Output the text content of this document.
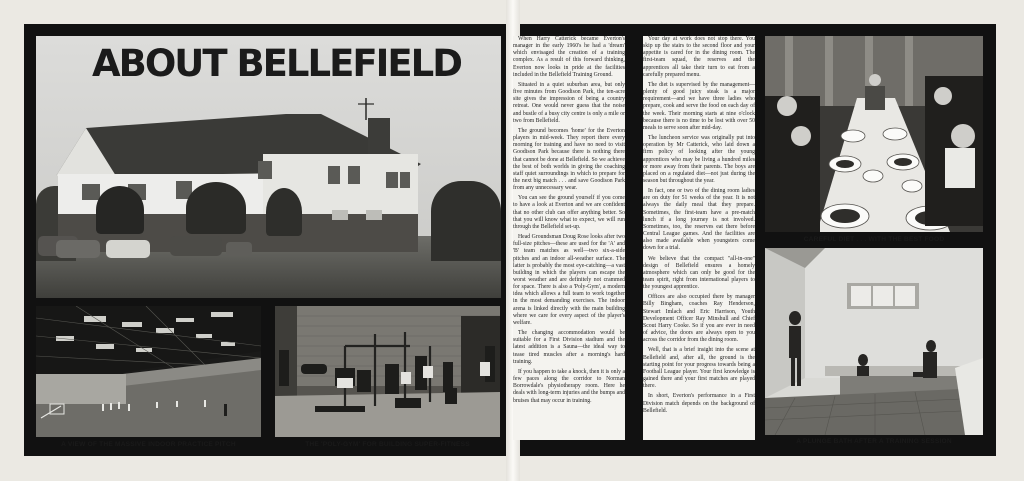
ABOUT BELLEFIELD
A VIEW OF THE MASSIVE INDOOR PRACTICE PITCH	THE 'POLY-GYM' FOR BUILDING SUPER-FITNESS

When Harry Catterick became Everton's manager in the early 1960's he had a 'dream' which envisaged the creation of a training complex. As a result of this forward thinking, Everton now looks in pride at the facilities included in the Bellefield Training Ground.

Situated in a quiet suburban area, but only five minutes from Goodison Park, the ten-acre site gives the impression of being a country retreat. One would never guess that the noise and bustle of a busy city centre is only a mile or two from Bellefield.

The ground becomes 'home' for the Everton players in mid-week. They report there every morning for training and have no need to visit Goodison Park because there is nothing there that cannot be done at Bellefield. So we achieve the best of both worlds in giving the coaching staff quiet surroundings in which to prepare for the next big match . . . and save Goodison Park from any unnecessary wear.

You can see the ground yourself if you come to have a look at Everton and we are confident that no other club can offer anything better. So that you will know what to expect, we will run through the Bellefield set-up.

Head Groundsman Doug Rose looks after two full-size pitches—these are used for the 'A' and 'B' team matches as well—two six-a-side pitches and an indoor all-weather surface. The latter is probably the most eye-catching—a vast building in which the players can escape the worst weather and are definitely not crammed for space. There is also a 'Poly-Gym', a modern idea which allows a full team to work together in the most demanding exercises. The indoor arena is linked directly with the main building where we care for every aspect of the player's welfare.

The changing accommodation would be suitable for a First Division stadium and the latest addition is a Sauna—the ideal way to tease tired muscles after a morning's hard training.

If you happen to take a knock, then it is only a few paces along the corridor to Norman Borrowdale's physiotherapy room. Here he deals with long-term injuries and the bumps and bruises that may occur in training.

Your day at work does not stop there. You skip up the stairs to the second floor and your appetite is cared for in the dining room. The first-team squad, the reserves and the apprentices all take their turn to eat from a carefully prepared menu.

The diet is supervised by the management—plenty of good juicy steak is a major requirement—and we have three ladies who prepare, cook and serve the food on each day of the week. Their morning starts at nine o'clock because there is no time to be lost with over 50 meals to serve soon after mid-day.

The luncheon service was originally put into operation by Mr Catterick, who laid down a firm policy of looking after the young apprentices who may be living a hundred miles or more away from their parents. The boys are placed on a regulated diet—not just during the season but throughout the year.

In fact, one or two of the dining room ladies are on duty for 51 weeks of the year. It is not always the daily meal that they prepare. Sometimes, the first-team have a pre-match lunch if a long journey is not involved. Sometimes, too, the reserves eat there before Central League games. And the facilities are also made available when youngsters come down for a trial.

We believe that the compact "all-in-one" design of Bellefield ensures a homely atmosphere which can only be good for the team spirit, right from international players to the youngest apprentice.

Offices are also occupied there by manager Billy Bingham, coaches Ray Henderson, Stewart Imlach and Eric Harrison, Youth Development Officer Ray Minshull and Chief Scout Harry Cooke. So if you are ever in need of advice, the doors are always open to you across the corridor from the dining room.

Well, that is a brief insight into the scene at Bellefield and, after all, the ground is the starting point for your progress towards being a Football League player. Your first knowledge is gained there and your first matches are played there.

In short, Everton's performance in a First Division match depends on the background of Bellefield.

CAREFUL DIET . . . WITH THE BEST FOOD
A PLUNGE BATH AFTER A TRAINING SESSION
